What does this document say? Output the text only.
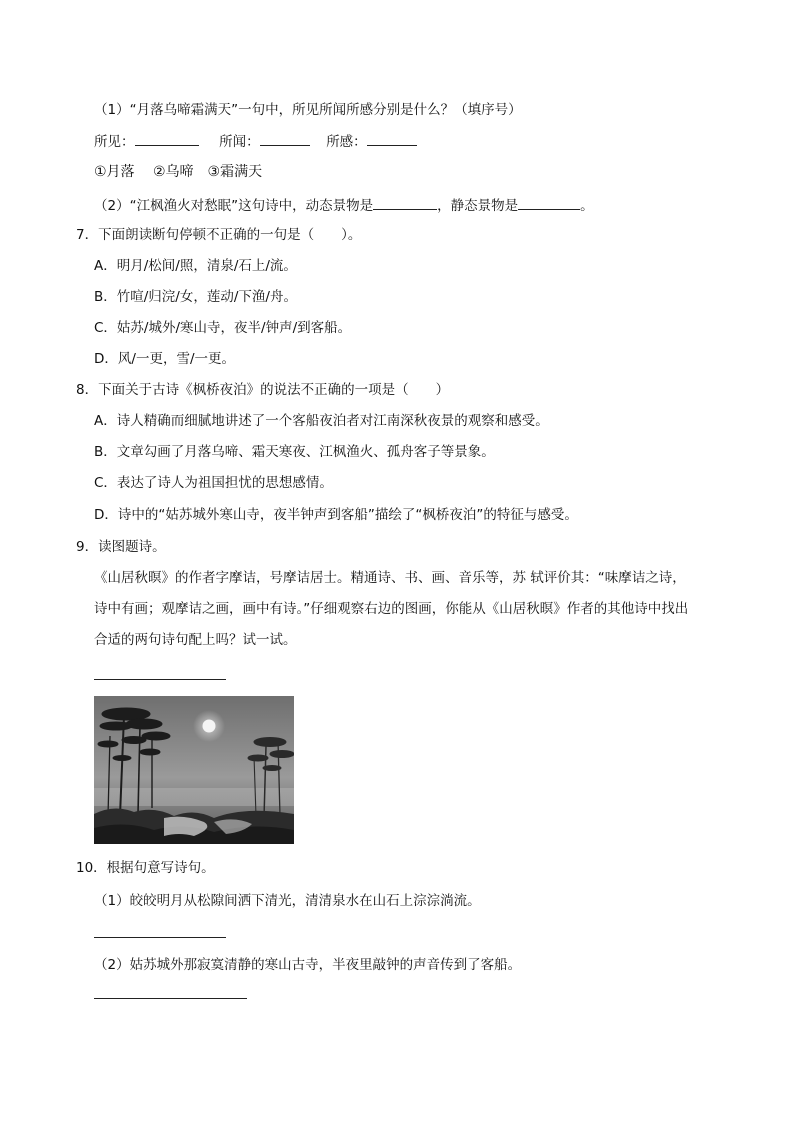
（1）“月落乌啼霜满天”一句中，所见所闻所感分别是什么？（填序号）
所见：	所闻：	所感：
①月落　 ②乌啼　③霜满天
（2）“江枫渔火对愁眠”这句诗中，动态景物是	，静态景物是	。
7．下面朗读断句停顿不正确的一句是（　　）。
A．明月/松间/照，清泉/石上/流。
B．竹喧/归浣/女，莲动/下渔/舟。
C．姑苏/城外/寒山寺，夜半/钟声/到客船。
D．风/一更，雪/一更。
8．下面关于古诗《枫桥夜泊》的说法不正确的一项是（　　）
A．诗人精确而细腻地讲述了一个客船夜泊者对江南深秋夜景的观察和感受。
B．文章勾画了月落乌啼、霜天寒夜、江枫渔火、孤舟客子等景象。
C．表达了诗人为祖国担忧的思想感情。
D．诗中的“姑苏城外寒山寺，夜半钟声到客船”描绘了“枫桥夜泊”的特征与感受。
9．读图题诗。
《山居秋暝》的作者字摩诘，号摩诘居士。精通诗、书、画、音乐等，苏 轼评价其：“味摩诘之诗，
诗中有画；观摩诘之画，画中有诗。”仔细观察右边的图画，你能从《山居秋暝》作者的其他诗中找出
合适的两句诗句配上吗？试一试。
10．根据句意写诗句。
（1）皎皎明月从松隙间洒下清光，清清泉水在山石上淙淙淌流。
（2）姑苏城外那寂寞清静的寒山古寺，半夜里敲钟的声音传到了客船。
